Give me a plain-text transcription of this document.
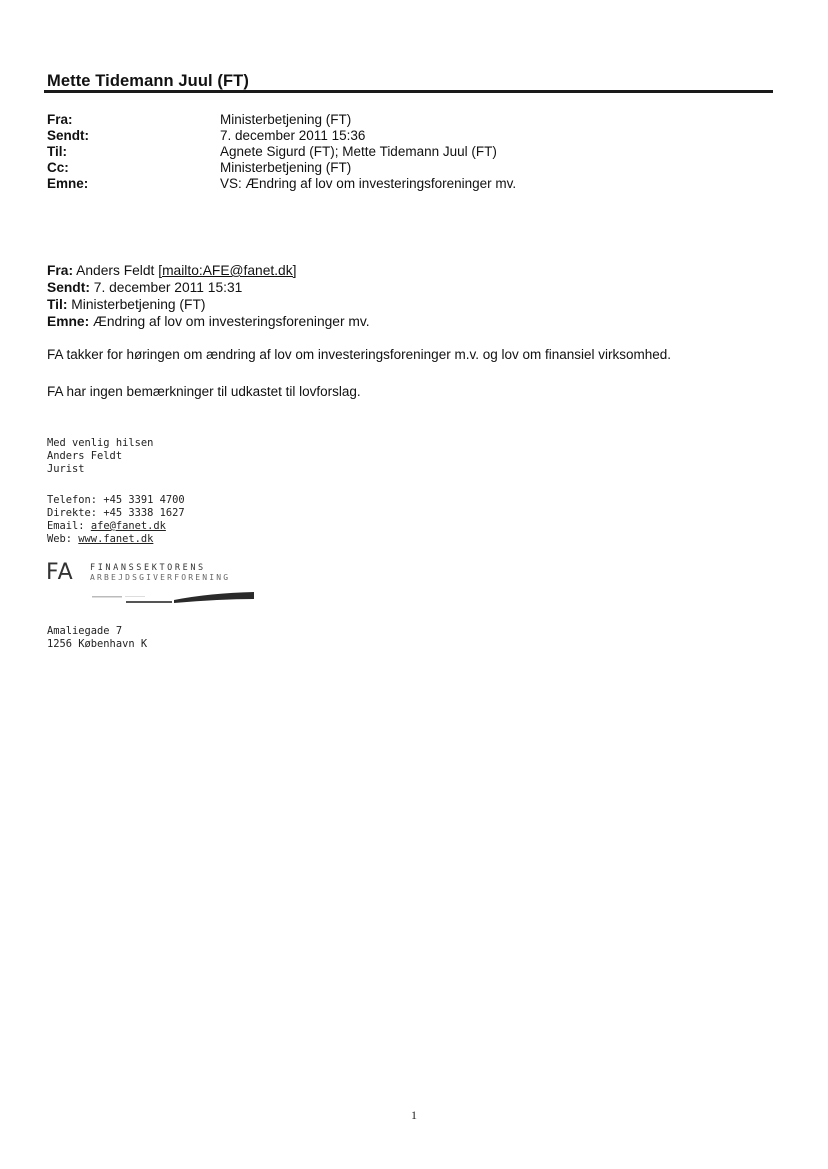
Mette Tidemann Juul (FT)
Fra:	Ministerbetjening (FT)
Sendt:	7. december 2011 15:36
Til:	Agnete Sigurd (FT); Mette Tidemann Juul (FT)
Cc:	Ministerbetjening (FT)
Emne:	VS: Ændring af lov om investeringsforeninger mv.
Fra: Anders Feldt [mailto:AFE@fanet.dk]
Sendt: 7. december 2011 15:31
Til: Ministerbetjening (FT)
Emne: Ændring af lov om investeringsforeninger mv.
FA takker for høringen om ændring af lov om investeringsforeninger m.v. og lov om finansiel virksomhed.
FA har ingen bemærkninger til udkastet til lovforslag.
Med venlig hilsen
Anders Feldt
Jurist
Telefon: +45 3391 4700
Direkte: +45 3338 1627
Email: afe@fanet.dk
Web: www.fanet.dk
FA FINANSSEKTORENS
ARBEJDSGIVERFORENING
Amaliegade 7
1256 København K
1
